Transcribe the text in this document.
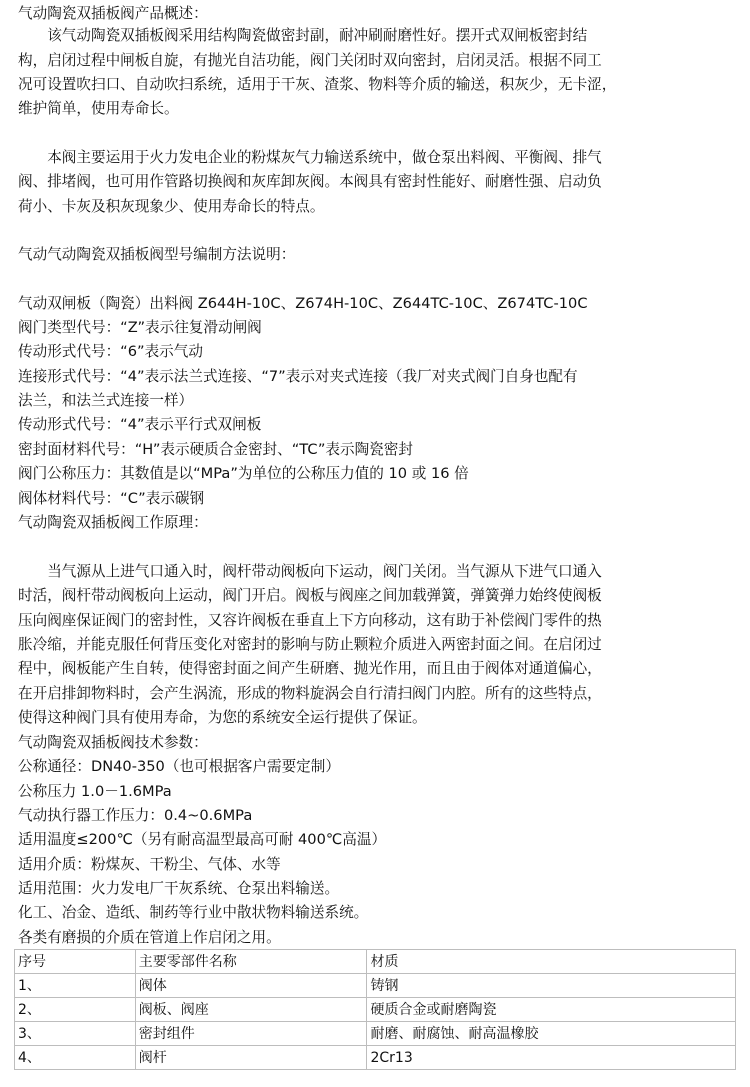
气动陶瓷双插板阀产品概述：
　　该气动陶瓷双插板阀采用结构陶瓷做密封副，耐冲刷耐磨性好。摆开式双闸板密封结
构，启闭过程中闸板自旋，有抛光自洁功能，阀门关闭时双向密封，启闭灵活。根据不同工
况可设置吹扫口、自动吹扫系统，适用于干灰、渣浆、物料等介质的输送，积灰少，无卡涩，
维护简单，使用寿命长。
　　本阀主要运用于火力发电企业的粉煤灰气力输送系统中，做仓泵出料阀、平衡阀、排气
阀、排堵阀，也可用作管路切换阀和灰库卸灰阀。本阀具有密封性能好、耐磨性强、启动负
荷小、卡灰及积灰现象少、使用寿命长的特点。
气动气动陶瓷双插板阀型号编制方法说明：
气动双闸板（陶瓷）出料阀 Z644H-10C、Z674H-10C、Z644TC-10C、Z674TC-10C
阀门类型代号：“Z”表示往复滑动闸阀
传动形式代号：“6”表示气动
连接形式代号：“4”表示法兰式连接、“7”表示对夹式连接（我厂对夹式阀门自身也配有
法兰，和法兰式连接一样）
传动形式代号：“4”表示平行式双闸板
密封面材料代号：“H”表示硬质合金密封、“TC”表示陶瓷密封
阀门公称压力：其数值是以“MPa”为单位的公称压力值的 10 或 16 倍
阀体材料代号：“C”表示碳钢
气动陶瓷双插板阀工作原理：
　　当气源从上进气口通入时，阀杆带动阀板向下运动，阀门关闭。当气源从下进气口通入
时活，阀杆带动阀板向上运动，阀门开启。阀板与阀座之间加载弹簧，弹簧弹力始终使阀板
压向阀座保证阀门的密封性，又容许阀板在垂直上下方向移动，这有助于补偿阀门零件的热
胀冷缩，并能克服任何背压变化对密封的影响与防止颗粒介质进入两密封面之间。在启闭过
程中，阀板能产生自转，使得密封面之间产生研磨、抛光作用，而且由于阀体对通道偏心，
在开启排卸物料时，会产生涡流，形成的物料旋涡会自行清扫阀门内腔。所有的这些特点，
使得这种阀门具有使用寿命，为您的系统安全运行提供了保证。
气动陶瓷双插板阀技术参数：
公称通径：DN40-350（也可根据客户需要定制）
公称压力 1.0－1.6MPa
气动执行器工作压力：0.4~0.6MPa
适用温度≤200℃（另有耐高温型最高可耐 400℃高温）
适用介质：粉煤灰、干粉尘、气体、水等
适用范围：火力发电厂干灰系统、仓泵出料输送。
化工、冶金、造纸、制药等行业中散状物料输送系统。
各类有磨损的介质在管道上作启闭之用。
序号	主要零部件名称	材质
1、	阀体	铸钢
2、	阀板、阀座	硬质合金或耐磨陶瓷
3、	密封组件	耐磨、耐腐蚀、耐高温橡胶
4、	阀杆	2Cr13
